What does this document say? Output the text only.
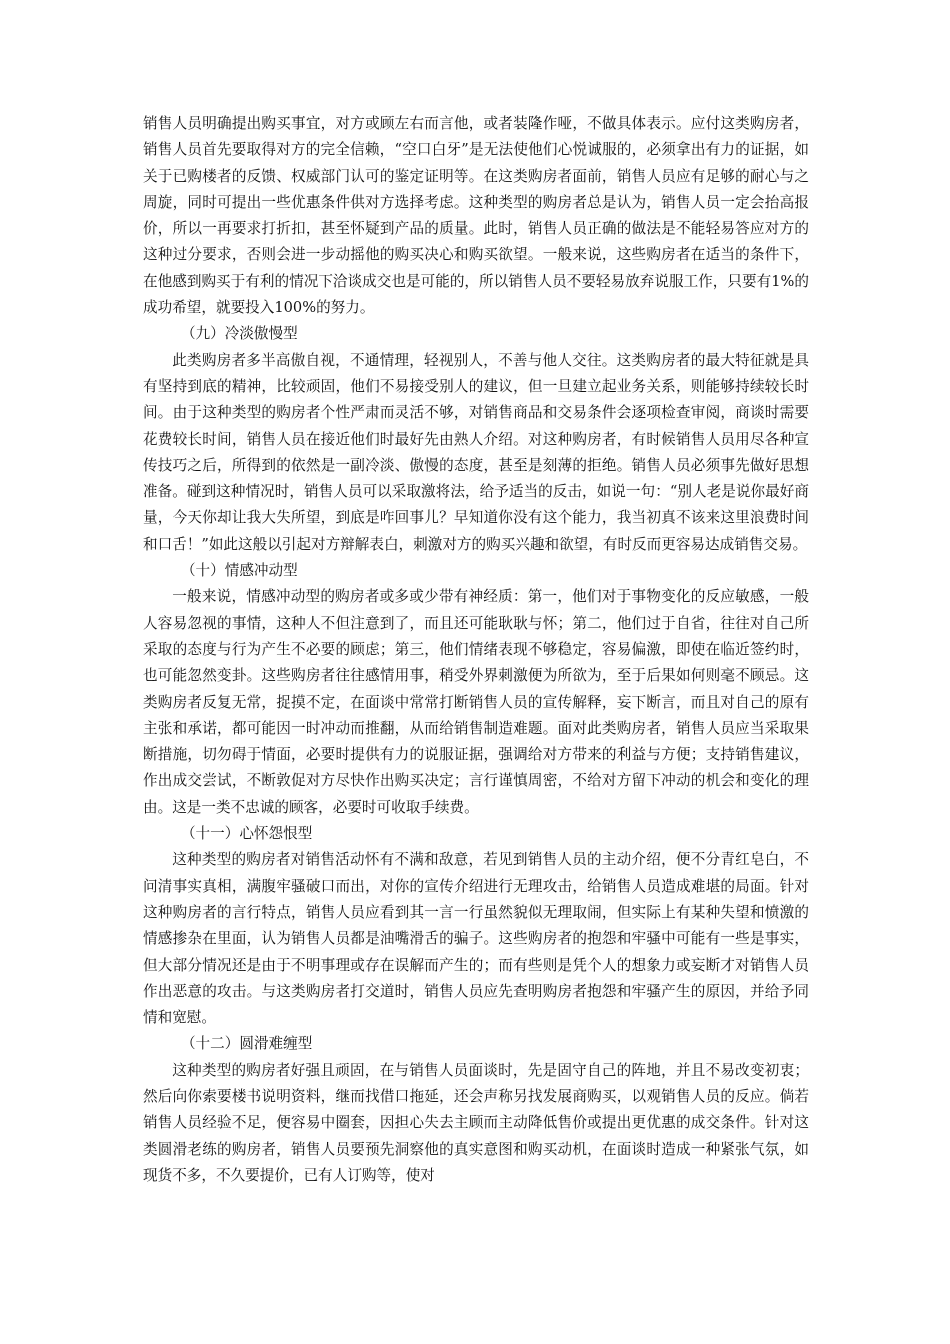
销售人员明确提出购买事宜，对方或顾左右而言他，或者装隆作哑，不做具体表示。应付这类购房者，销售人员首先要取得对方的完全信赖，“空口白牙”是无法使他们心悦诚服的，必须拿出有力的证据，如关于已购楼者的反馈、权威部门认可的鉴定证明等。在这类购房者面前，销售人员应有足够的耐心与之周旋，同时可提出一些优惠条件供对方选择考虑。这种类型的购房者总是认为，销售人员一定会抬高报价，所以一再要求打折扣，甚至怀疑到产品的质量。此时，销售人员正确的做法是不能轻易答应对方的这种过分要求，否则会进一步动摇他的购买决心和购买欲望。一般来说，这些购房者在适当的条件下，在他感到购买于有利的情况下洽谈成交也是可能的，所以销售人员不要轻易放弃说服工作，只要有1%的成功希望，就要投入100%的努力。

（九）冷淡傲慢型

此类购房者多半高傲自视，不通情理，轻视别人，不善与他人交往。这类购房者的最大特征就是具有坚持到底的精神，比较顽固，他们不易接受别人的建议，但一旦建立起业务关系，则能够持续较长时间。由于这种类型的购房者个性严肃而灵活不够，对销售商品和交易条件会逐项检查审阅，商谈时需要花费较长时间，销售人员在接近他们时最好先由熟人介绍。对这种购房者，有时候销售人员用尽各种宣传技巧之后，所得到的依然是一副冷淡、傲慢的态度，甚至是刻薄的拒绝。销售人员必须事先做好思想准备。碰到这种情况时，销售人员可以采取激将法，给予适当的反击，如说一句：“别人老是说你最好商量，今天你却让我大失所望，到底是咋回事儿？早知道你没有这个能力，我当初真不该来这里浪费时间和口舌！”如此这般以引起对方辩解表白，刺激对方的购买兴趣和欲望，有时反而更容易达成销售交易。

（十）情感冲动型

一般来说，情感冲动型的购房者或多或少带有神经质：第一，他们对于事物变化的反应敏感，一般人容易忽视的事情，这种人不但注意到了，而且还可能耿耿与怀；第二，他们过于自省，往往对自己所采取的态度与行为产生不必要的顾虑；第三，他们情绪表现不够稳定，容易偏激，即使在临近签约时，也可能忽然变卦。这些购房者往往感情用事，稍受外界刺激便为所欲为，至于后果如何则毫不顾忌。这类购房者反复无常，捉摸不定，在面谈中常常打断销售人员的宣传解释，妄下断言，而且对自己的原有主张和承诺，都可能因一时冲动而推翻，从而给销售制造难题。面对此类购房者，销售人员应当采取果断措施，切勿碍于情面，必要时提供有力的说服证据，强调给对方带来的利益与方便；支持销售建议，作出成交尝试，不断敦促对方尽快作出购买决定；言行谨慎周密，不给对方留下冲动的机会和变化的理由。这是一类不忠诚的顾客，必要时可收取手续费。

（十一）心怀怨恨型

这种类型的购房者对销售活动怀有不满和敌意，若见到销售人员的主动介绍，便不分青红皂白，不问清事实真相，满腹牢骚破口而出，对你的宣传介绍进行无理攻击，给销售人员造成难堪的局面。针对这种购房者的言行特点，销售人员应看到其一言一行虽然貌似无理取闹，但实际上有某种失望和愤激的情感掺杂在里面，认为销售人员都是油嘴滑舌的骗子。这些购房者的抱怨和牢骚中可能有一些是事实，但大部分情况还是由于不明事理或存在误解而产生的；而有些则是凭个人的想象力或妄断才对销售人员作出恶意的攻击。与这类购房者打交道时，销售人员应先查明购房者抱怨和牢骚产生的原因，并给予同情和宽慰。

（十二）圆滑难缠型

这种类型的购房者好强且顽固，在与销售人员面谈时，先是固守自己的阵地，并且不易改变初衷；然后向你索要楼书说明资料，继而找借口拖延，还会声称另找发展商购买，以观销售人员的反应。倘若销售人员经验不足，便容易中圈套，因担心失去主顾而主动降低售价或提出更优惠的成交条件。针对这类圆滑老练的购房者，销售人员要预先洞察他的真实意图和购买动机，在面谈时造成一种紧张气氛，如现货不多，不久要提价，已有人订购等，使对
